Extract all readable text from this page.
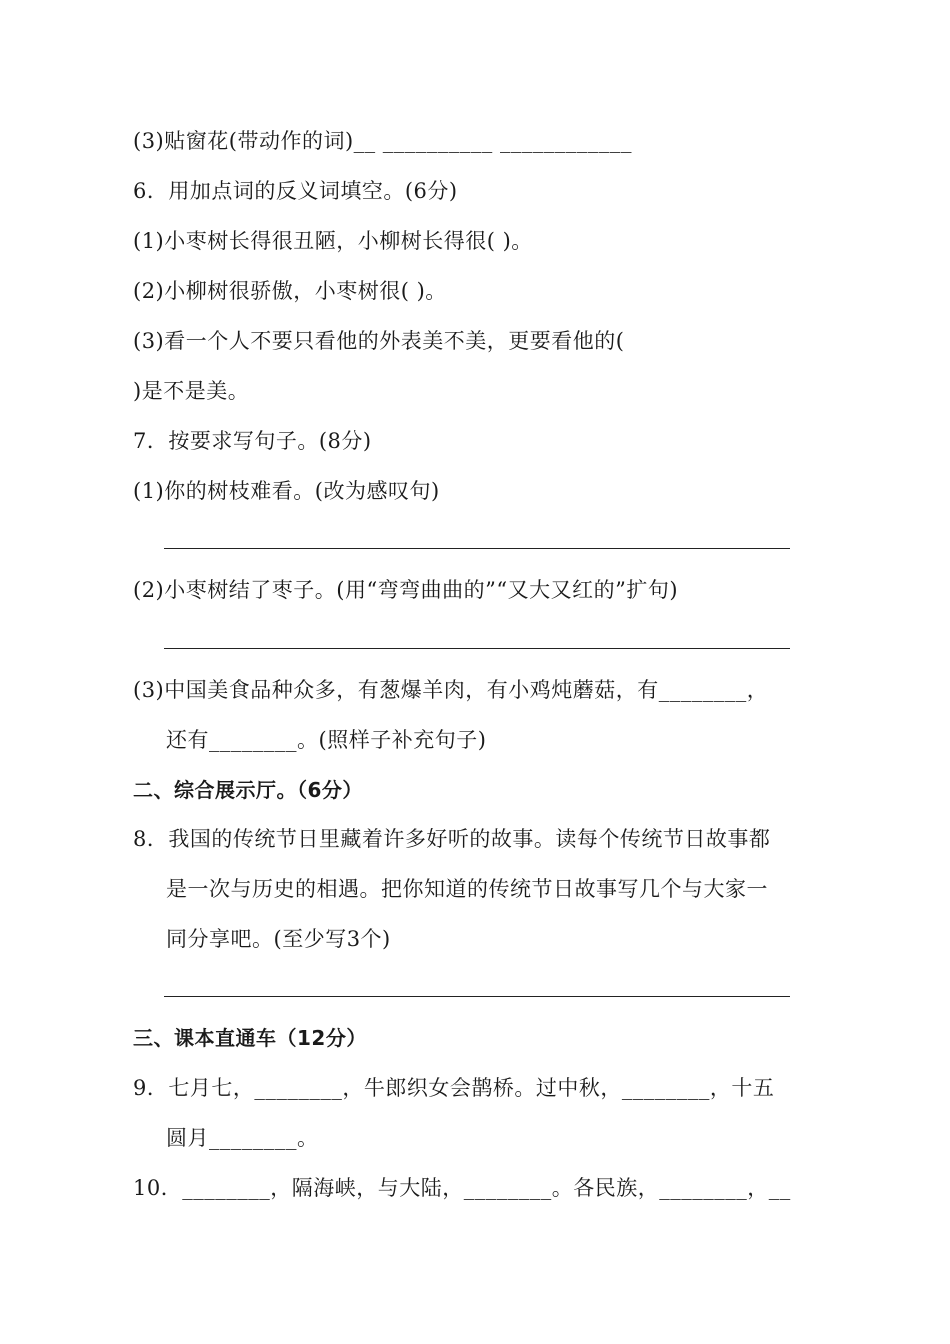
(3)贴窗花(带动作的词)__ __________ ____________
6．用加点词的反义词填空。(6分)
(1)小枣树长得很丑陋，小柳树长得很( )。
(2)小柳树很骄傲，小枣树很( )。
(3)看一个人不要只看他的外表美不美，更要看他的(
)是不是美。
7．按要求写句子。(8分)
(1)你的树枝难看。(改为感叹句)
(2)小枣树结了枣子。(用“弯弯曲曲的”“又大又红的”扩句)
(3)中国美食品种众多，有葱爆羊肉，有小鸡炖蘑菇，有________，
还有________。(照样子补充句子)
二、综合展示厅。（6分）
8．我国的传统节日里藏着许多好听的故事。读每个传统节日故事都
是一次与历史的相遇。把你知道的传统节日故事写几个与大家一
同分享吧。(至少写3个)
三、课本直通车（12分）
9．七月七，________，牛郎织女会鹊桥。过中秋，________，十五
圆月________。
10．________，隔海峡，与大陆，________。各民族，________，__
